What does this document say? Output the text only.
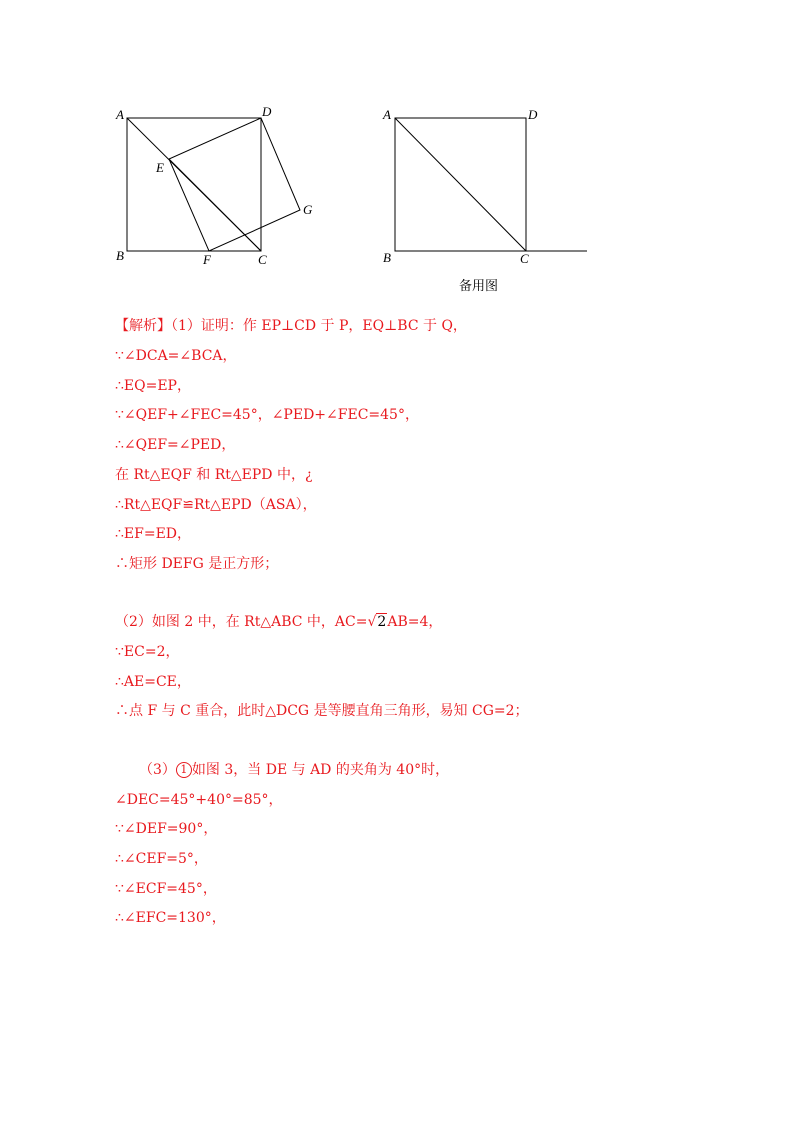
A	D
E
G
B	F	C
A	D
B	C
备用图
【解析】（1）证明：作 EP⊥CD 于 P，EQ⊥BC 于 Q，
∵∠DCA=∠BCA，
∴EQ=EP，
∵∠QEF+∠FEC=45°，∠PED+∠FEC=45°，
∴∠QEF=∠PED，
在 Rt△EQF 和 Rt△EPD 中，¿
∴Rt△EQF≌Rt△EPD（ASA），
∴EF=ED，
∴矩形 DEFG 是正方形；
（2）如图 2 中，在 Rt△ABC 中，AC=√2AB=4，
∵EC=2，
∴AE=CE，
∴点 F 与 C 重合，此时△DCG 是等腰直角三角形，易知 CG=2；
（3） 1 如图 3，当 DE 与 AD 的夹角为 40°时，
∠DEC=45°+40°=85°，
∵∠DEF=90°，
∴∠CEF=5°，
∵∠ECF=45°，
∴∠EFC=130°，
